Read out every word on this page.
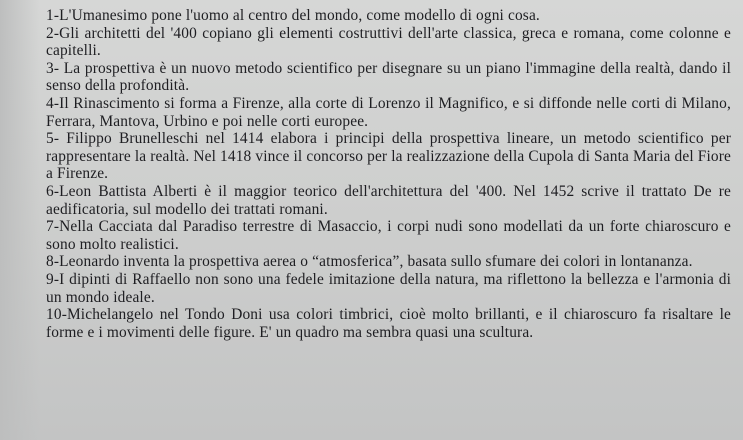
1-L'Umanesimo pone l'uomo al centro del mondo, come modello di ogni cosa.

2-Gli architetti del '400 copiano gli elementi costruttivi dell'arte classica, greca e romana, come colonne e capitelli.

3- La prospettiva è un nuovo metodo scientifico per disegnare su un piano l'immagine della realtà, dando il senso della profondità.

4-Il Rinascimento si forma a Firenze, alla corte di Lorenzo il Magnifico, e si diffonde nelle corti di Milano, Ferrara, Mantova, Urbino e poi nelle corti europee.

5- Filippo Brunelleschi nel 1414 elabora i principi della prospettiva lineare, un metodo scientifico per rappresentare la realtà. Nel 1418 vince il concorso per la realizzazione della Cupola di Santa Maria del Fiore a Firenze.

6-Leon Battista Alberti è il maggior teorico dell'architettura del '400. Nel 1452 scrive il trattato De re aedificatoria, sul modello dei trattati romani.

7-Nella Cacciata dal Paradiso terrestre di Masaccio, i corpi nudi sono modellati da un forte chiaroscuro e sono molto realistici.

8-Leonardo inventa la prospettiva aerea o “atmosferica”, basata sullo sfumare dei colori in lontananza.

9-I dipinti di Raffaello non sono una fedele imitazione della natura, ma riflettono la bellezza e l'armonia di un mondo ideale.

10-Michelangelo nel Tondo Doni usa colori timbrici, cioè molto brillanti, e il chiaroscuro fa risaltare le forme e i movimenti delle figure. E' un quadro ma sembra quasi una scultura.
